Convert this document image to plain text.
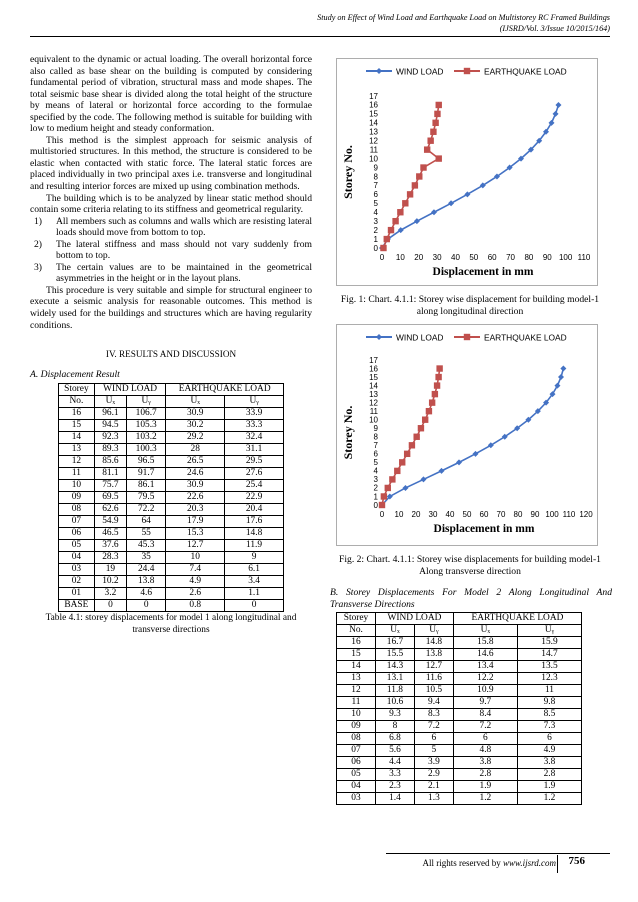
Study on Effect of Wind Load and Earthquake Load on Multistorey RC Framed Buildings
(IJSRD/Vol. 3/Issue 10/2015/164)

equivalent to the dynamic or actual loading. The overall horizontal force also called as base shear on the building is computed by considering fundamental period of vibration, structural mass and mode shapes. The total seismic base shear is divided along the total height of the structure by means of lateral or horizontal force according to the formulae specified by the code. The following method is suitable for building with low to medium height and steady conformation.

This method is the simplest approach for seismic analysis of multistoried structures. In this method, the structure is considered to be elastic when contacted with static force. The lateral static forces are placed individually in two principal axes i.e. transverse and longitudinal and resulting interior forces are mixed up using combination methods.

The building which is to be analyzed by linear static method should contain some criteria relating to its stiffness and geometrical regularity.

1) All members such as columns and walls which are resisting lateral loads should move from bottom to top.
2) The lateral stiffness and mass should not vary suddenly from bottom to top.
3) The certain values are to be maintained in the geometrical asymmetries in the height or in the layout plans.

This procedure is very suitable and simple for structural engineer to execute a seismic analysis for reasonable outcomes. This method is widely used for the buildings and structures which are having regularity conditions.

IV. RESULTS AND DISCUSSION

A. Displacement Result

Storey	WIND LOAD		EARTHQUAKE LOAD	
No.	Uₓ	Uᵧ	Uₓ	Uᵧ
16	96.1	106.7	30.9	33.9
15	94.5	105.3	30.2	33.3
14	92.3	103.2	29.2	32.4
13	89.3	100.3	28	31.1
12	85.6	96.5	26.5	29.5
11	81.1	91.7	24.6	27.6
10	75.7	86.1	30.9	25.4
09	69.5	79.5	22.6	22.9
08	62.6	72.2	20.3	20.4
07	54.9	64	17.9	17.6
06	46.5	55	15.3	14.8
05	37.6	45.3	12.7	11.9
04	28.3	35	10	9
03	19	24.4	7.4	6.1
02	10.2	13.8	4.9	3.4
01	3.2	4.6	2.6	1.1
BASE	0	0	0.8	0
Table 4.1: storey displacements for model 1 along longitudinal and transverse directions
WIND LOAD	EARTHQUAKE LOAD
0
1
2
3
4
5
6
7
8
9
10
11
12
13
14
15
16
17
0 10 20 30 40 50 60 70 80 90 100 110
Displacement in mm
Storey No.
Fig. 1: Chart. 4.1.1: Storey wise displacement for building model-1 along longitudinal direction
WIND LOAD	EARTHQUAKE LOAD
0
1
2
3
4
5
6
7
8
9
10
11
12
13
14
15
16
17
0 10 20 30 40 50 60 70 80 90 100 110 120
Displacement in mm
Storey No.
Fig. 2: Chart. 4.1.1: Storey wise displacements for building model-1 Along transverse direction
B. Storey Displacements For Model 2 Along Longitudinal And Transverse Directions
Storey	WIND LOAD		EARTHQUAKE LOAD	
No.	Uₓ	Uᵧ	Uₓ	Uᵧ
16	16.7	14.8	15.8	15.9
15	15.5	13.8	14.6	14.7
14	14.3	12.7	13.4	13.5
13	13.1	11.6	12.2	12.3
12	11.8	10.5	10.9	11
11	10.6	9.4	9.7	9.8
10	9.3	8.3	8.4	8.5
09	8	7.2	7.2	7.3
08	6.8	6	6	6
07	5.6	5	4.8	4.9
06	4.4	3.9	3.8	3.8
05	3.3	2.9	2.8	2.8
04	2.3	2.1	1.9	1.9
03	1.4	1.3	1.2	1.2
All rights reserved by www.ijsrd.com 756
